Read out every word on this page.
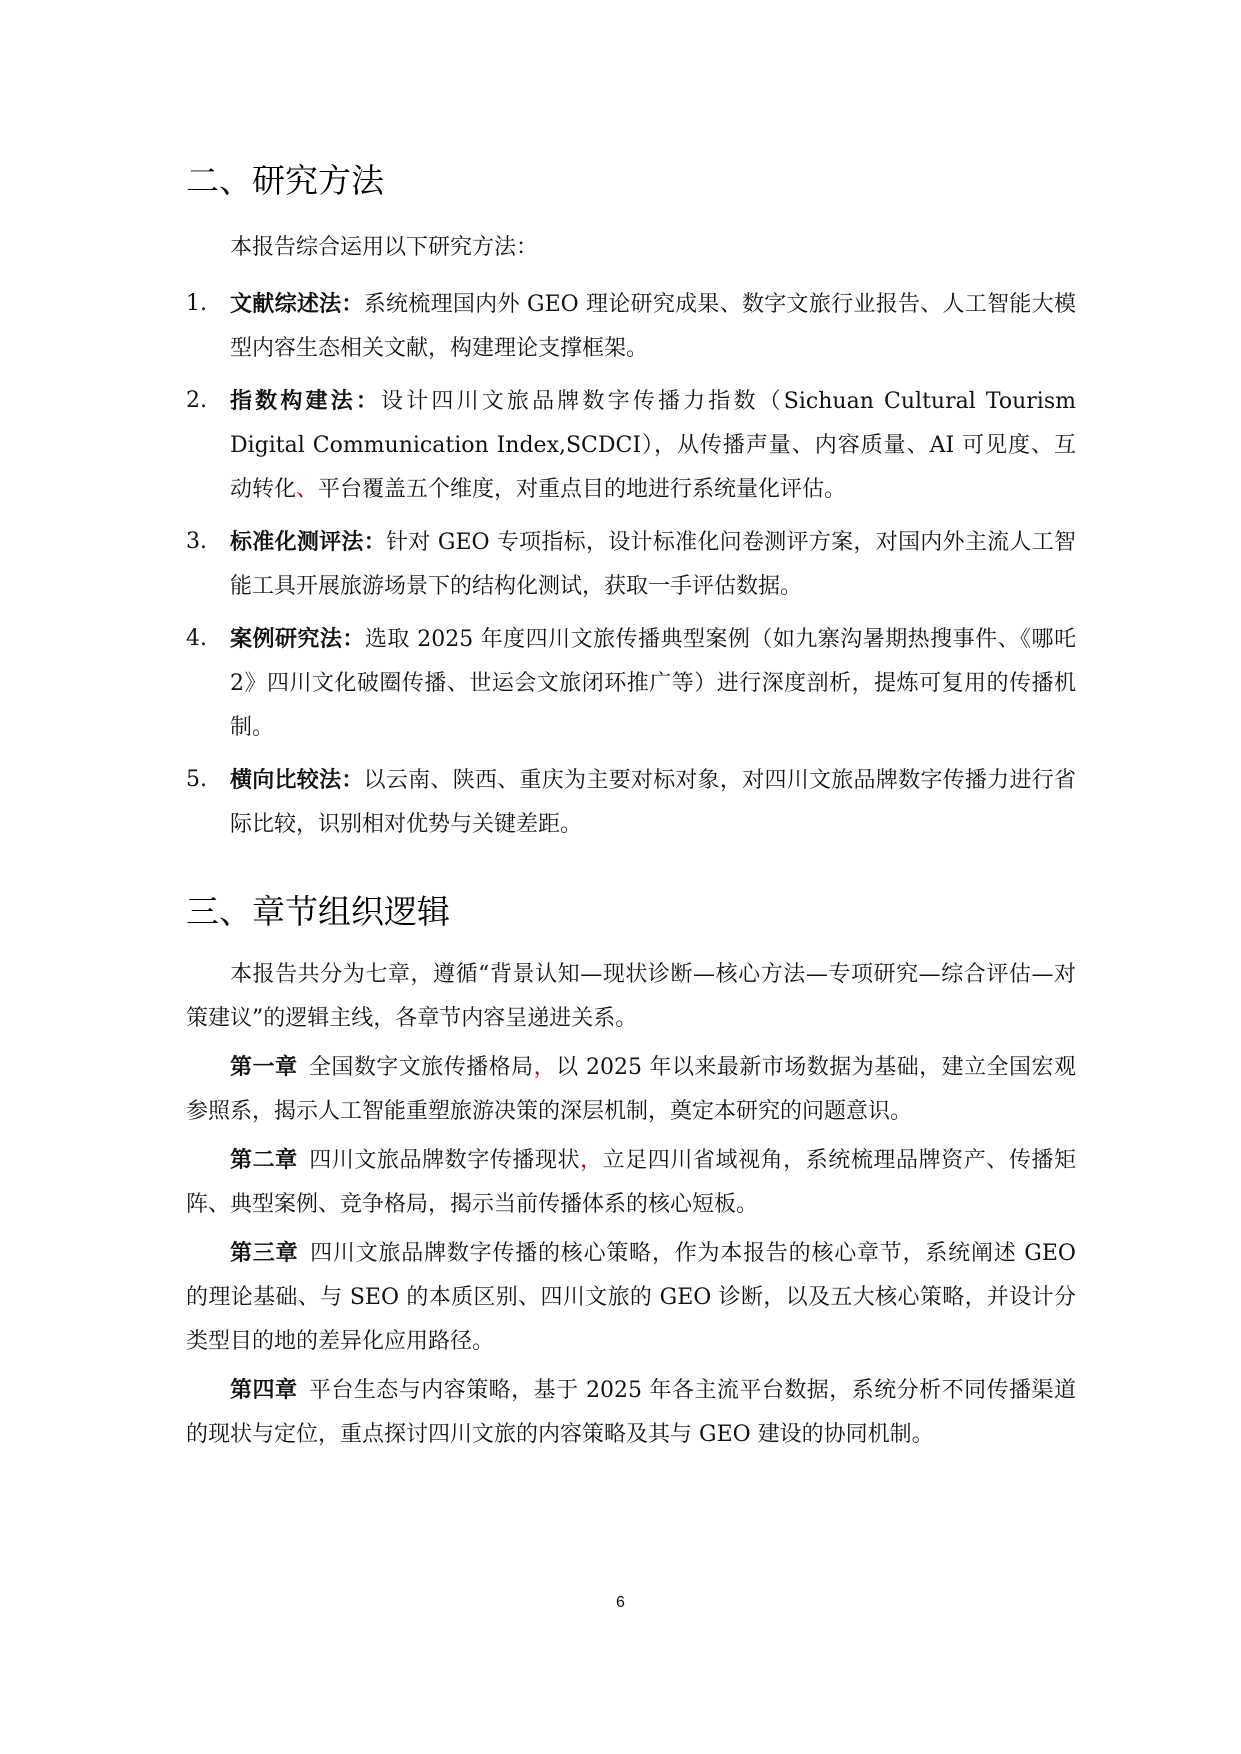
二、研究方法

本报告综合运用以下研究方法：

1. 文献综述法：系统梳理国内外 GEO 理论研究成果、数字文旅行业报告、人工智能大模型内容生态相关文献，构建理论支撑框架。
2. 指数构建法：设计四川文旅品牌数字传播力指数（Sichuan Cultural Tourism Digital Communication Index,SCDCI），从传播声量、内容质量、AI 可见度、互动转化、平台覆盖五个维度，对重点目的地进行系统量化评估。
3. 标准化测评法：针对 GEO 专项指标，设计标准化问卷测评方案，对国内外主流人工智能工具开展旅游场景下的结构化测试，获取一手评估数据。
4. 案例研究法：选取 2025 年度四川文旅传播典型案例（如九寨沟暑期热搜事件、《哪吒 2》四川文化破圈传播、世运会文旅闭环推广等）进行深度剖析，提炼可复用的传播机制。
5. 横向比较法：以云南、陕西、重庆为主要对标对象，对四川文旅品牌数字传播力进行省际比较，识别相对优势与关键差距。
三、章节组织逻辑

本报告共分为七章，遵循“背景认知—现状诊断—核心方法—专项研究—综合评估—对策建议”的逻辑主线，各章节内容呈递进关系。

第一章  全国数字文旅传播格局，以 2025 年以来最新市场数据为基础，建立全国宏观参照系，揭示人工智能重塑旅游决策的深层机制，奠定本研究的问题意识。

第二章  四川文旅品牌数字传播现状，立足四川省域视角，系统梳理品牌资产、传播矩阵、典型案例、竞争格局，揭示当前传播体系的核心短板。

第三章  四川文旅品牌数字传播的核心策略，作为本报告的核心章节，系统阐述 GEO 的理论基础、与 SEO 的本质区别、四川文旅的 GEO 诊断，以及五大核心策略，并设计分类型目的地的差异化应用路径。

第四章  平台生态与内容策略，基于 2025 年各主流平台数据，系统分析不同传播渠道的现状与定位，重点探讨四川文旅的内容策略及其与 GEO 建设的协同机制。

6
